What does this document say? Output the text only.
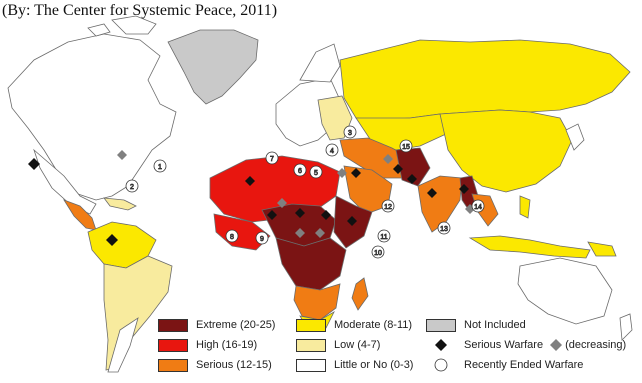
(By: The Center for Systemic Peace, 2011)
1
2
3
4
5
6
7
8	9
10
11
12
13
14
15
Extreme (20-25)
High (16-19)
Serious (12-15)
Moderate (8-11)
Low (4-7)
Little or No (0-3)
Not Included
Serious Warfare (decreasing)
Recently Ended Warfare
